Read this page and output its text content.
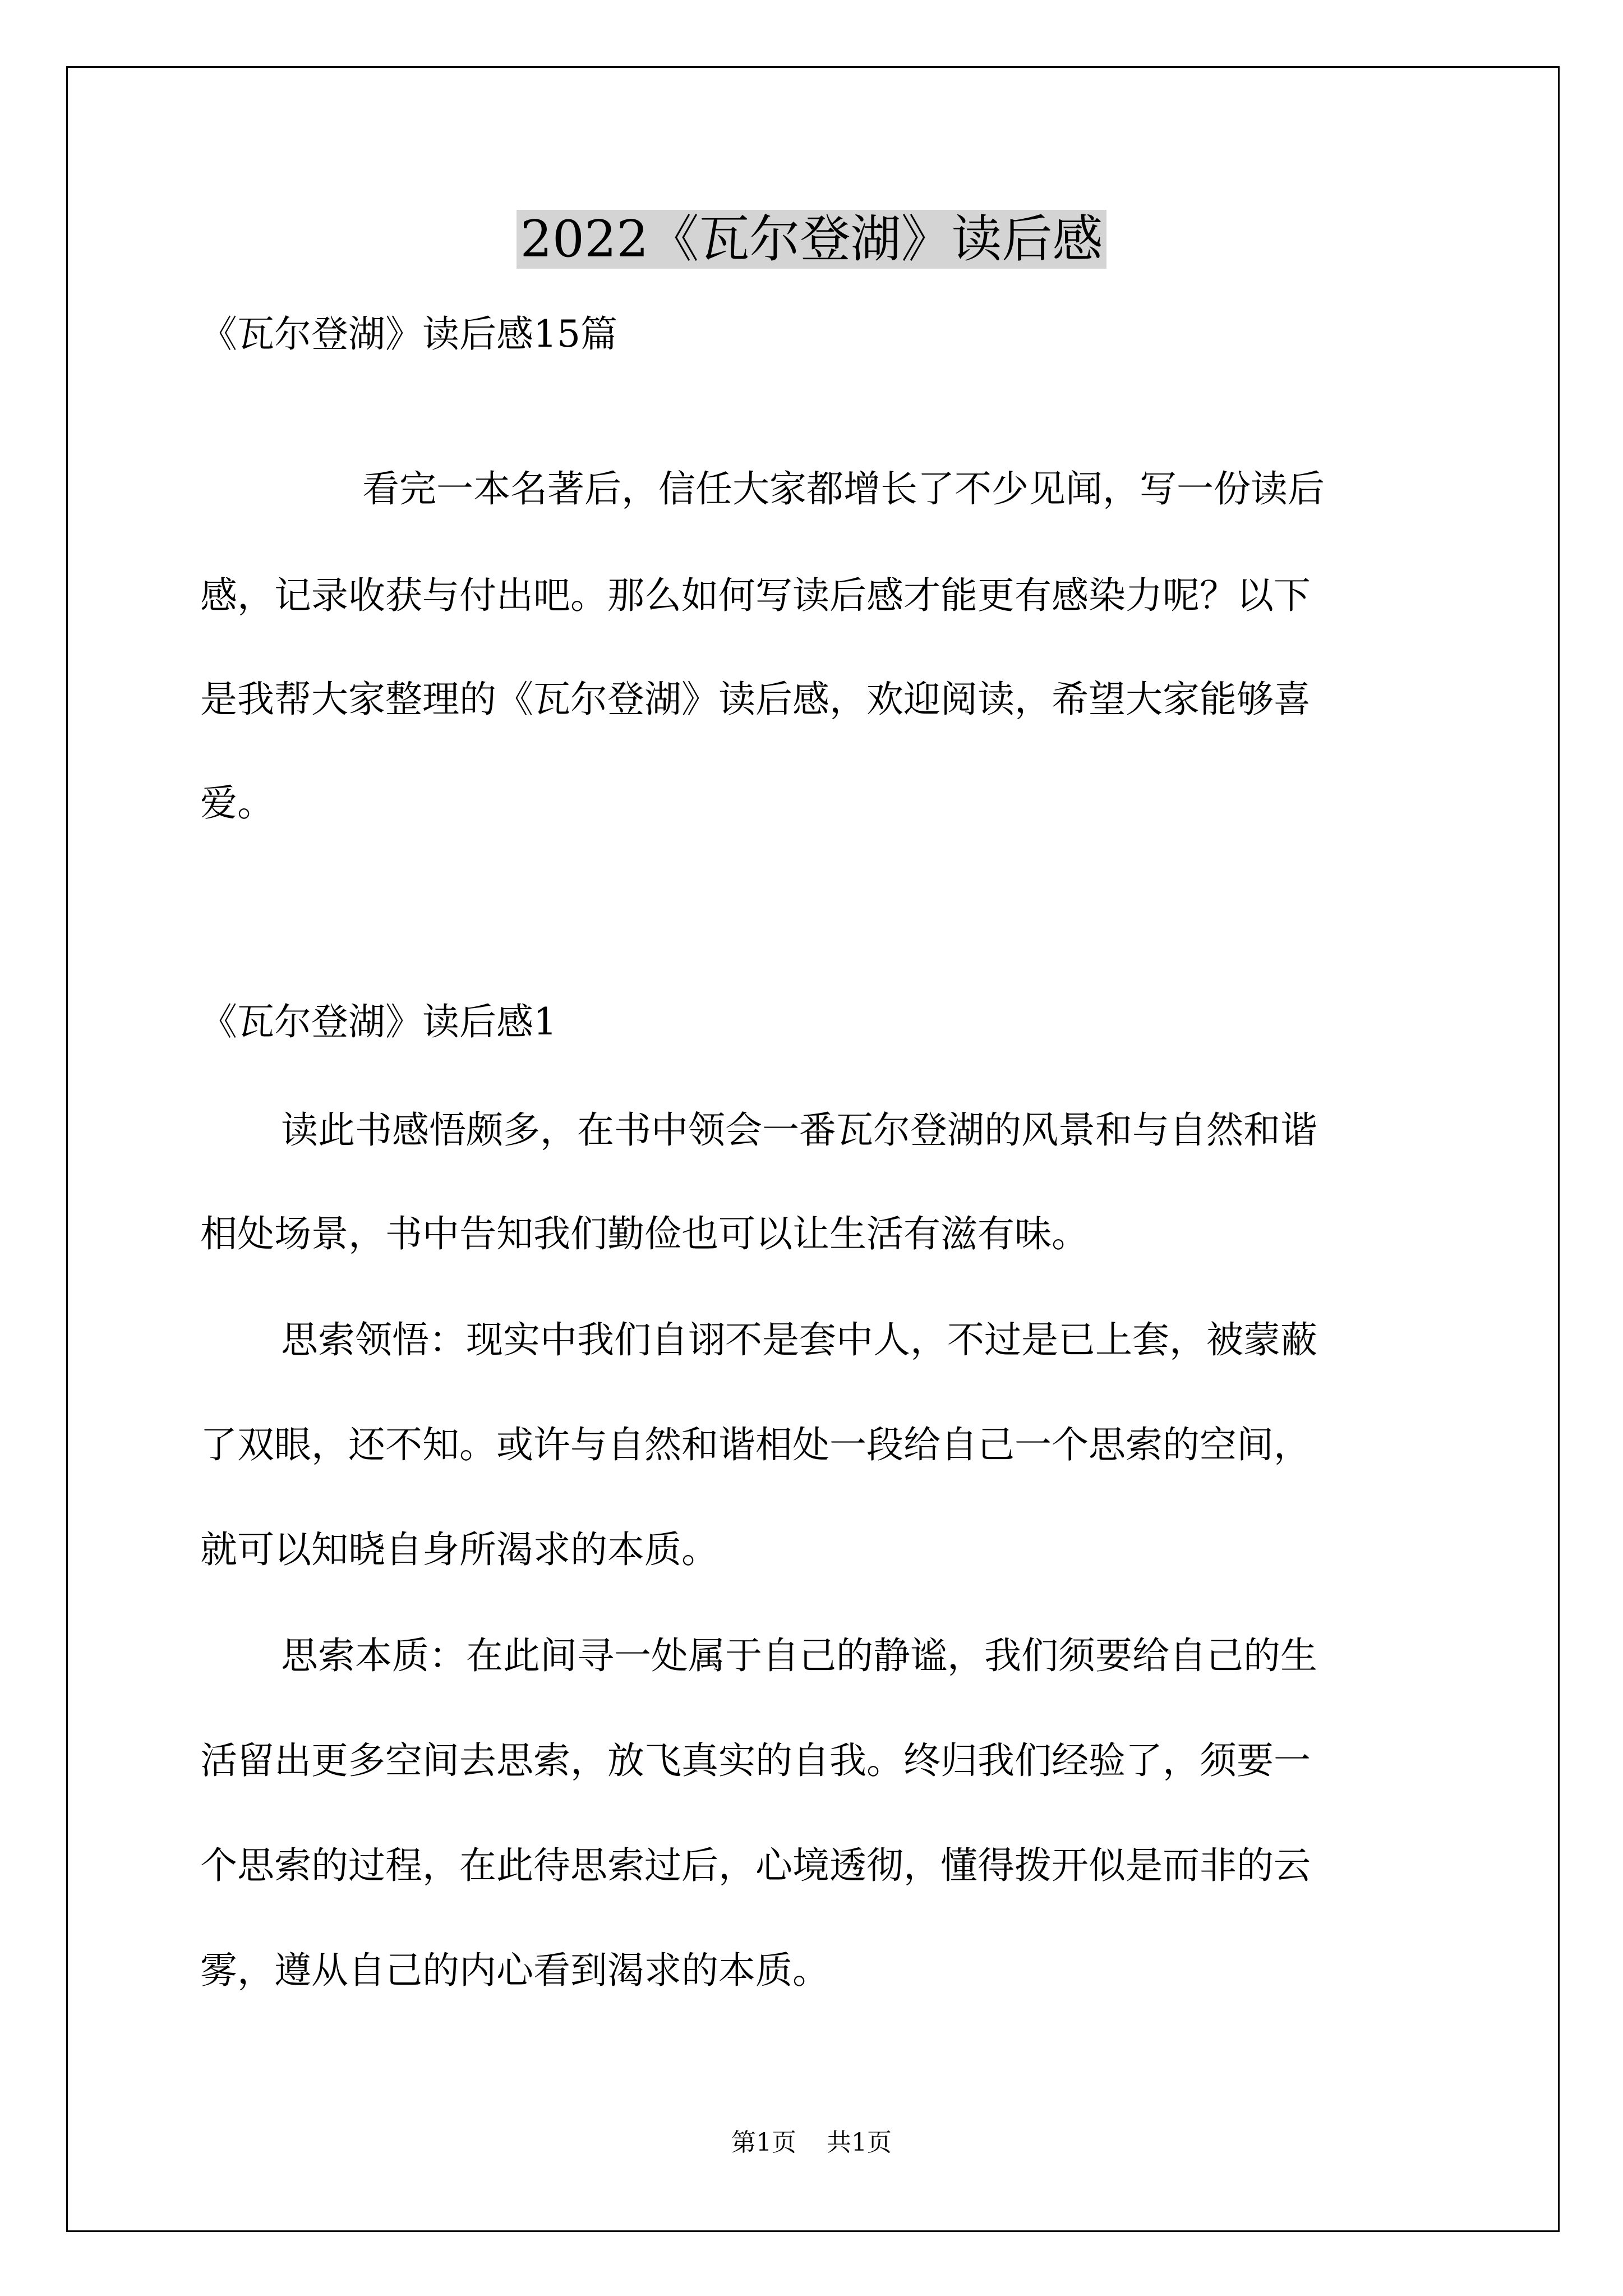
2022《瓦尔登湖》读后感
《瓦尔登湖》读后感15篇
看完一本名著后，信任大家都增长了不少见闻，写一份读后
感，记录收获与付出吧。那么如何写读后感才能更有感染力呢？以下
是我帮大家整理的《瓦尔登湖》读后感，欢迎阅读，希望大家能够喜
爱。
《瓦尔登湖》读后感1
读此书感悟颇多，在书中领会一番瓦尔登湖的风景和与自然和谐
相处场景，书中告知我们勤俭也可以让生活有滋有味。
思索领悟：现实中我们自诩不是套中人，不过是已上套，被蒙蔽
了双眼，还不知。或许与自然和谐相处一段给自己一个思索的空间，
就可以知晓自身所渴求的本质。
思索本质：在此间寻一处属于自己的静谧，我们须要给自己的生
活留出更多空间去思索，放飞真实的自我。终归我们经验了，须要一
个思索的过程，在此待思索过后，心境透彻，懂得拨开似是而非的云
雾，遵从自己的内心看到渴求的本质。
第1页 共1页
